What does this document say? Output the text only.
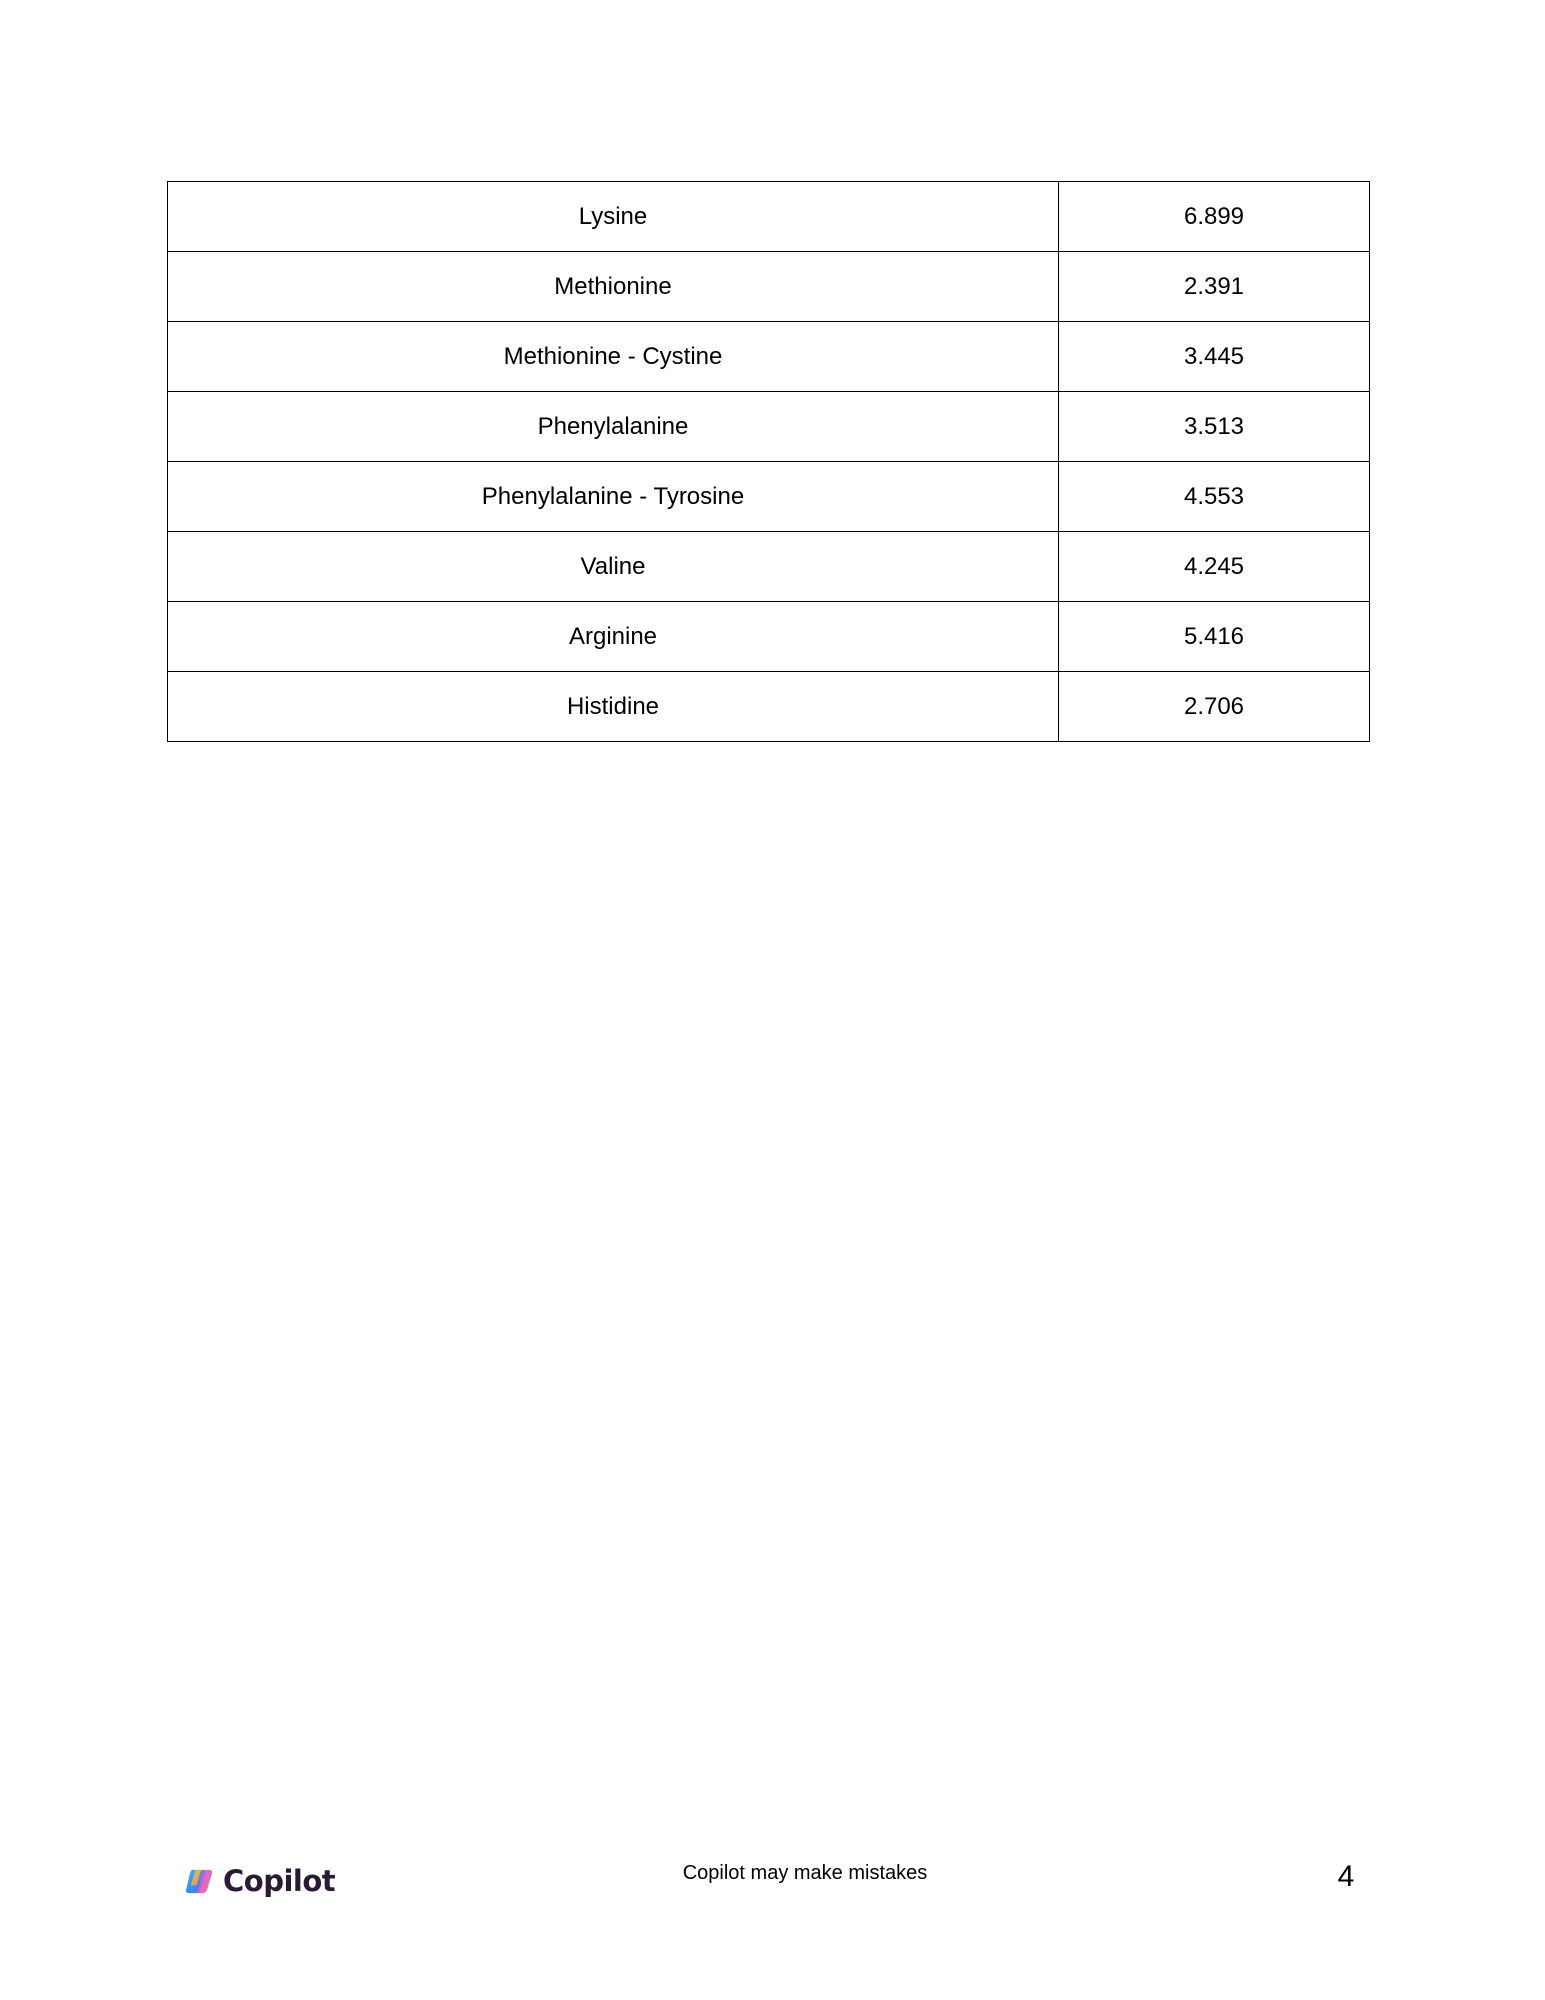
Lysine	6.899
Methionine	2.391
Methionine - Cystine	3.445
Phenylalanine	3.513
Phenylalanine - Tyrosine	4.553
Valine	4.245
Arginine	5.416
Histidine	2.706
Copilot	Copilot may make mistakes	4
